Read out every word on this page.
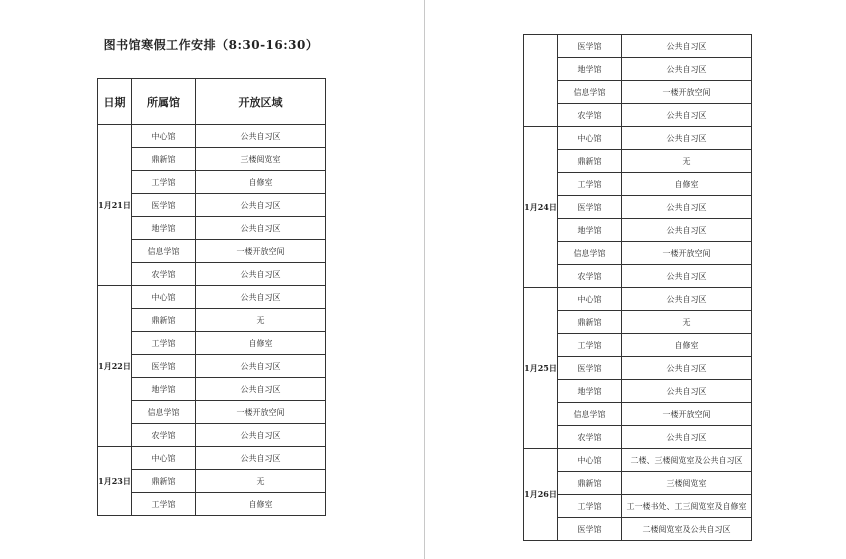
图书馆寒假工作安排（8:30-16:30）
日期	所属馆	开放区域
1月21日	中心馆	公共自习区
	鼎新馆	三楼阅览室
	工学馆	自修室
	医学馆	公共自习区
	地学馆	公共自习区
	信息学馆	一楼开放空间
	农学馆	公共自习区
1月22日	中心馆	公共自习区
	鼎新馆	无
	工学馆	自修室
	医学馆	公共自习区
	地学馆	公共自习区
	信息学馆	一楼开放空间
	农学馆	公共自习区
1月23日	中心馆	公共自习区
	鼎新馆	无
	工学馆	自修室
	医学馆	公共自习区
	地学馆	公共自习区
	信息学馆	一楼开放空间
	农学馆	公共自习区
1月24日	中心馆	公共自习区
	鼎新馆	无
	工学馆	自修室
	医学馆	公共自习区
	地学馆	公共自习区
	信息学馆	一楼开放空间
	农学馆	公共自习区
1月25日	中心馆	公共自习区
	鼎新馆	无
	工学馆	自修室
	医学馆	公共自习区
	地学馆	公共自习区
	信息学馆	一楼开放空间
	农学馆	公共自习区
1月26日	中心馆	二楼、三楼阅览室及公共自习区
	鼎新馆	三楼阅览室
	工学馆	工一楼书处、工三阅览室及自修室
	医学馆	二楼阅览室及公共自习区
